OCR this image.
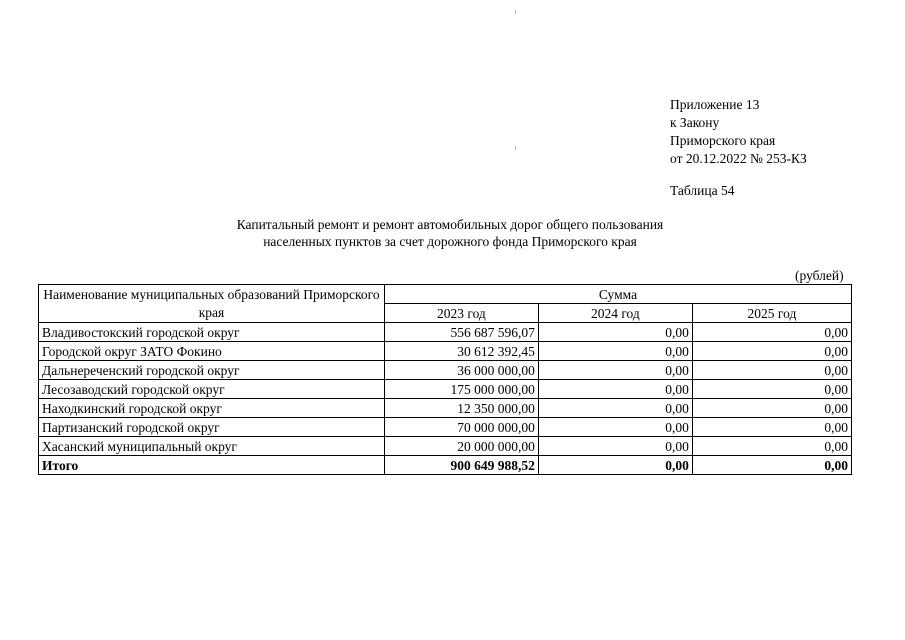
Приложение 13
к Закону
Приморского края
от 20.12.2022 № 253-КЗ
Таблица 54
Капитальный ремонт и ремонт автомобильных дорог общего пользования
населенных пунктов за счет дорожного фонда Приморского края
(рублей)
Наименование муниципальных образований Приморского края	Сумма		
	2023 год	2024 год	2025 год
Владивостокский городской округ	556 687 596,07	0,00	0,00
Городской округ ЗАТО Фокино	30 612 392,45	0,00	0,00
Дальнереченский городской округ	36 000 000,00	0,00	0,00
Лесозаводский городской округ	175 000 000,00	0,00	0,00
Находкинский городской округ	12 350 000,00	0,00	0,00
Партизанский городской округ	70 000 000,00	0,00	0,00
Хасанский муниципальный округ	20 000 000,00	0,00	0,00
Итого	900 649 988,52	0,00	0,00
